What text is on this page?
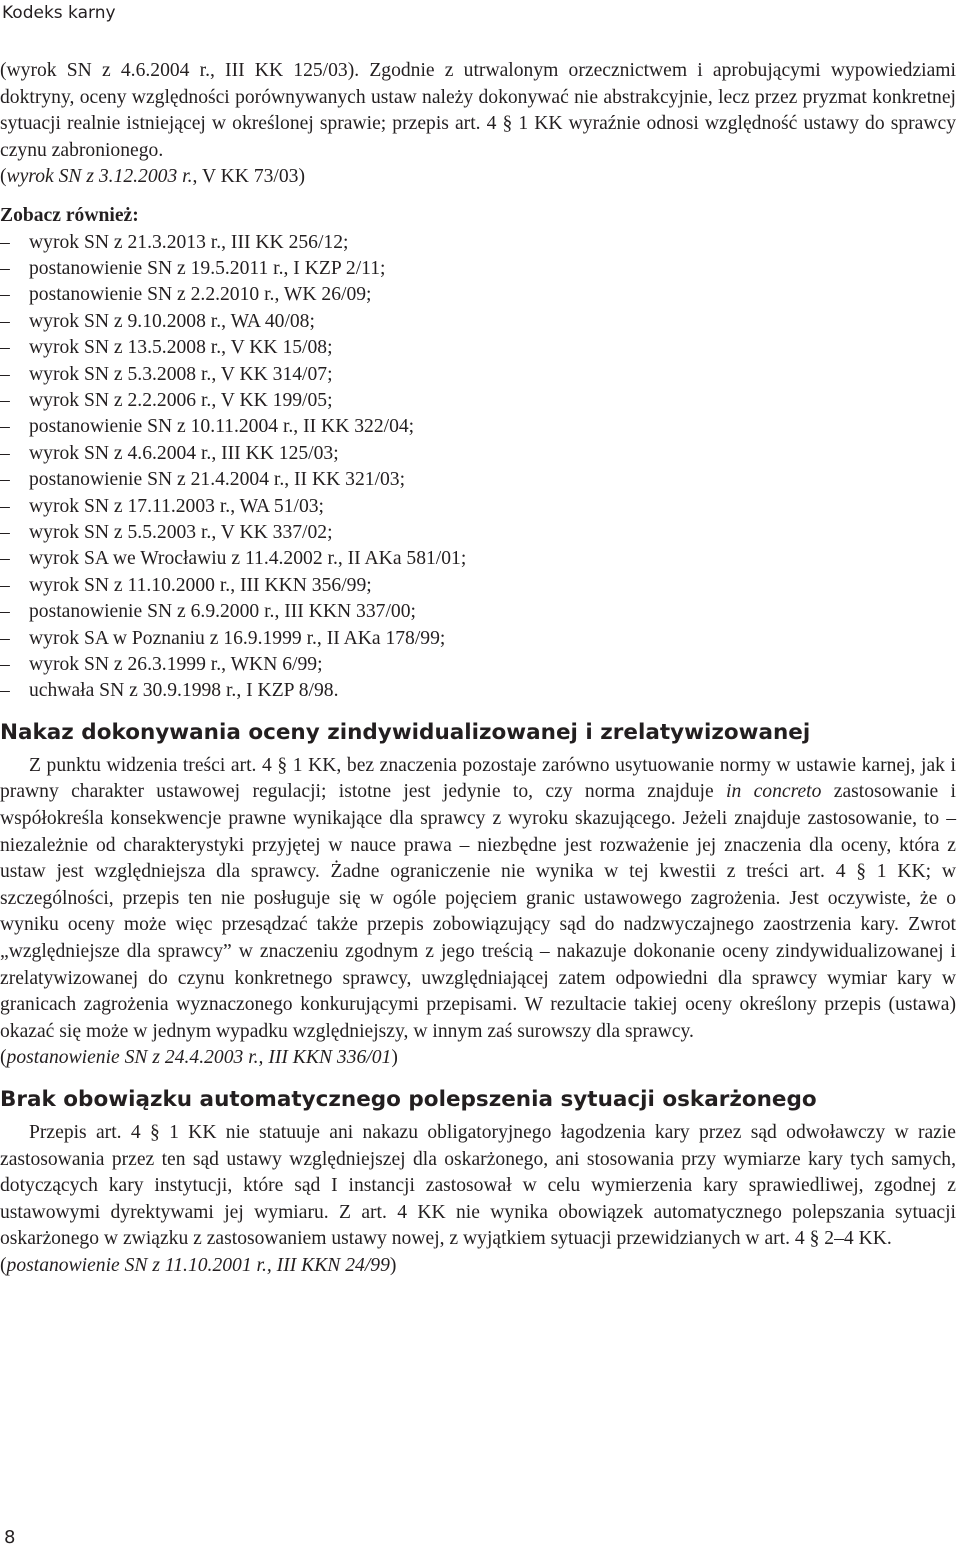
Kodeks karny

(wyrok SN z 4.6.2004 r., III KK 125/03). Zgodnie z utrwalonym orzecznictwem i aprobującymi wypowiedziami doktryny, oceny względności porównywanych ustaw należy dokonywać nie abstrakcyjnie, lecz przez pryzmat konkretnej sytuacji realnie istniejącej w określonej sprawie; przepis art. 4 § 1 KK wyraźnie odnosi względność ustawy do sprawcy czynu zabronionego.

(wyrok SN z 3.12.2003 r., V KK 73/03)

Zobacz również:

– wyrok SN z 21.3.2013 r., III KK 256/12;
– postanowienie SN z 19.5.2011 r., I KZP 2/11;
– postanowienie SN z 2.2.2010 r., WK 26/09;
– wyrok SN z 9.10.2008 r., WA 40/08;
– wyrok SN z 13.5.2008 r., V KK 15/08;
– wyrok SN z 5.3.2008 r., V KK 314/07;
– wyrok SN z 2.2.2006 r., V KK 199/05;
– postanowienie SN z 10.11.2004 r., II KK 322/04;
– wyrok SN z 4.6.2004 r., III KK 125/03;
– postanowienie SN z 21.4.2004 r., II KK 321/03;
– wyrok SN z 17.11.2003 r., WA 51/03;
– wyrok SN z 5.5.2003 r., V KK 337/02;
– wyrok SA we Wrocławiu z 11.4.2002 r., II AKa 581/01;
– wyrok SN z 11.10.2000 r., III KKN 356/99;
– postanowienie SN z 6.9.2000 r., III KKN 337/00;
– wyrok SA w Poznaniu z 16.9.1999 r., II AKa 178/99;
– wyrok SN z 26.3.1999 r., WKN 6/99;
– uchwała SN z 30.9.1998 r., I KZP 8/98.
Nakaz dokonywania oceny zindywidualizowanej i zrelatywizowanej

Z punktu widzenia treści art. 4 § 1 KK, bez znaczenia pozostaje zarówno usytuowanie normy w ustawie karnej, jak i prawny charakter ustawowej regulacji; istotne jest jedynie to, czy norma znajduje in concreto zastosowanie i współokreśla konsekwencje prawne wynikające dla sprawcy z wyroku skazującego. Jeżeli znajduje zastosowanie, to – niezależnie od charakterystyki przyjętej w nauce prawa – niezbędne jest rozważenie jej znaczenia dla oceny, która z ustaw jest względniejsza dla sprawcy. Żadne ograniczenie nie wynika w tej kwestii z treści art. 4 § 1 KK; w szczególności, przepis ten nie posługuje się w ogóle pojęciem granic ustawowego zagrożenia. Jest oczywiste, że o wyniku oceny może więc przesądzać także przepis zobowiązujący sąd do nadzwyczajnego zaostrzenia kary. Zwrot „względniejsze dla sprawcy” w znaczeniu zgodnym z jego treścią – nakazuje dokonanie oceny zindywidualizowanej i zrelatywizowanej do czynu konkretnego sprawcy, uwzględniającej zatem odpowiedni dla sprawcy wymiar kary w granicach zagrożenia wyznaczonego konkurującymi przepisami. W rezultacie takiej oceny określony przepis (ustawa) okazać się może w jednym wypadku względniejszy, w innym zaś surowszy dla sprawcy.

(postanowienie SN z 24.4.2003 r., III KKN 336/01)

Brak obowiązku automatycznego polepszenia sytuacji oskarżonego

Przepis art. 4 § 1 KK nie statuuje ani nakazu obligatoryjnego łagodzenia kary przez sąd odwoławczy w razie zastosowania przez ten sąd ustawy względniejszej dla oskarżonego, ani stosowania przy wymiarze kary tych samych, dotyczących kary instytucji, które sąd I instancji zastosował w celu wymierzenia kary sprawiedliwej, zgodnej z ustawowymi dyrektywami jej wymiaru. Z art. 4 KK nie wynika obowiązek automatycznego polepszania sytuacji oskarżonego w związku z zastosowaniem ustawy nowej, z wyjątkiem sytuacji przewidzianych w art. 4 § 2–4 KK.

(postanowienie SN z 11.10.2001 r., III KKN 24/99)

8
